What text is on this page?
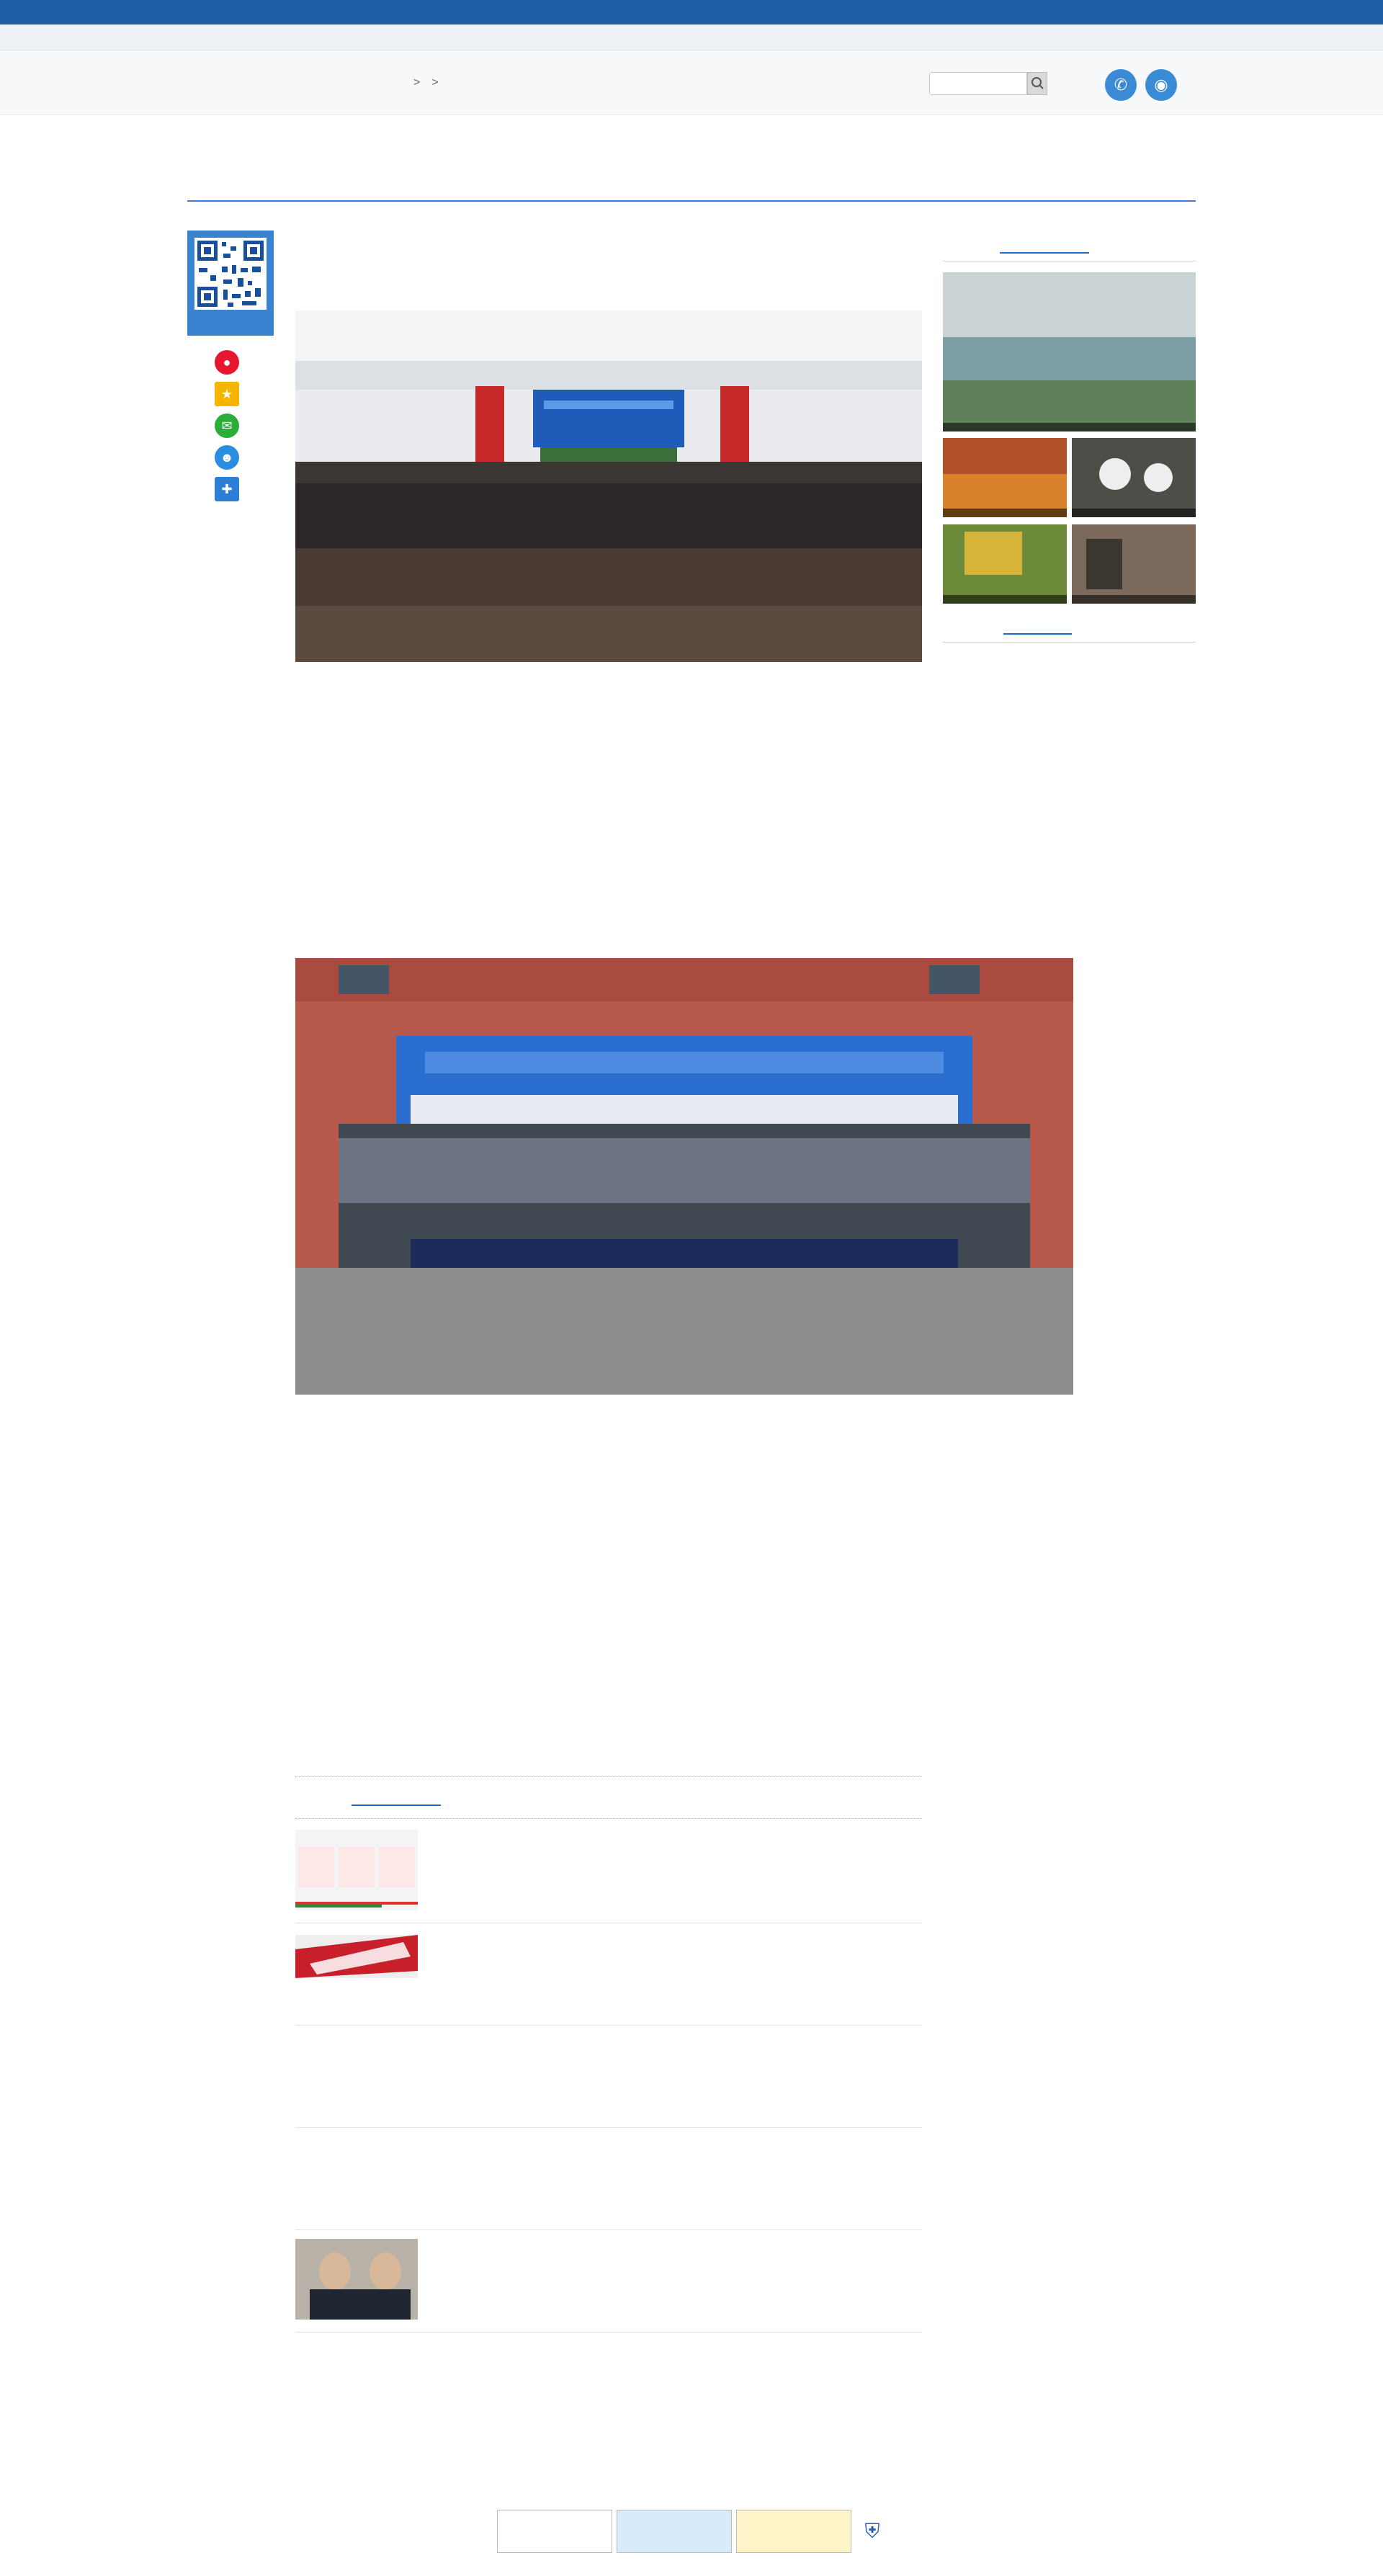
> >	✆	◉
●
★
✉
☻
✚

⛨
